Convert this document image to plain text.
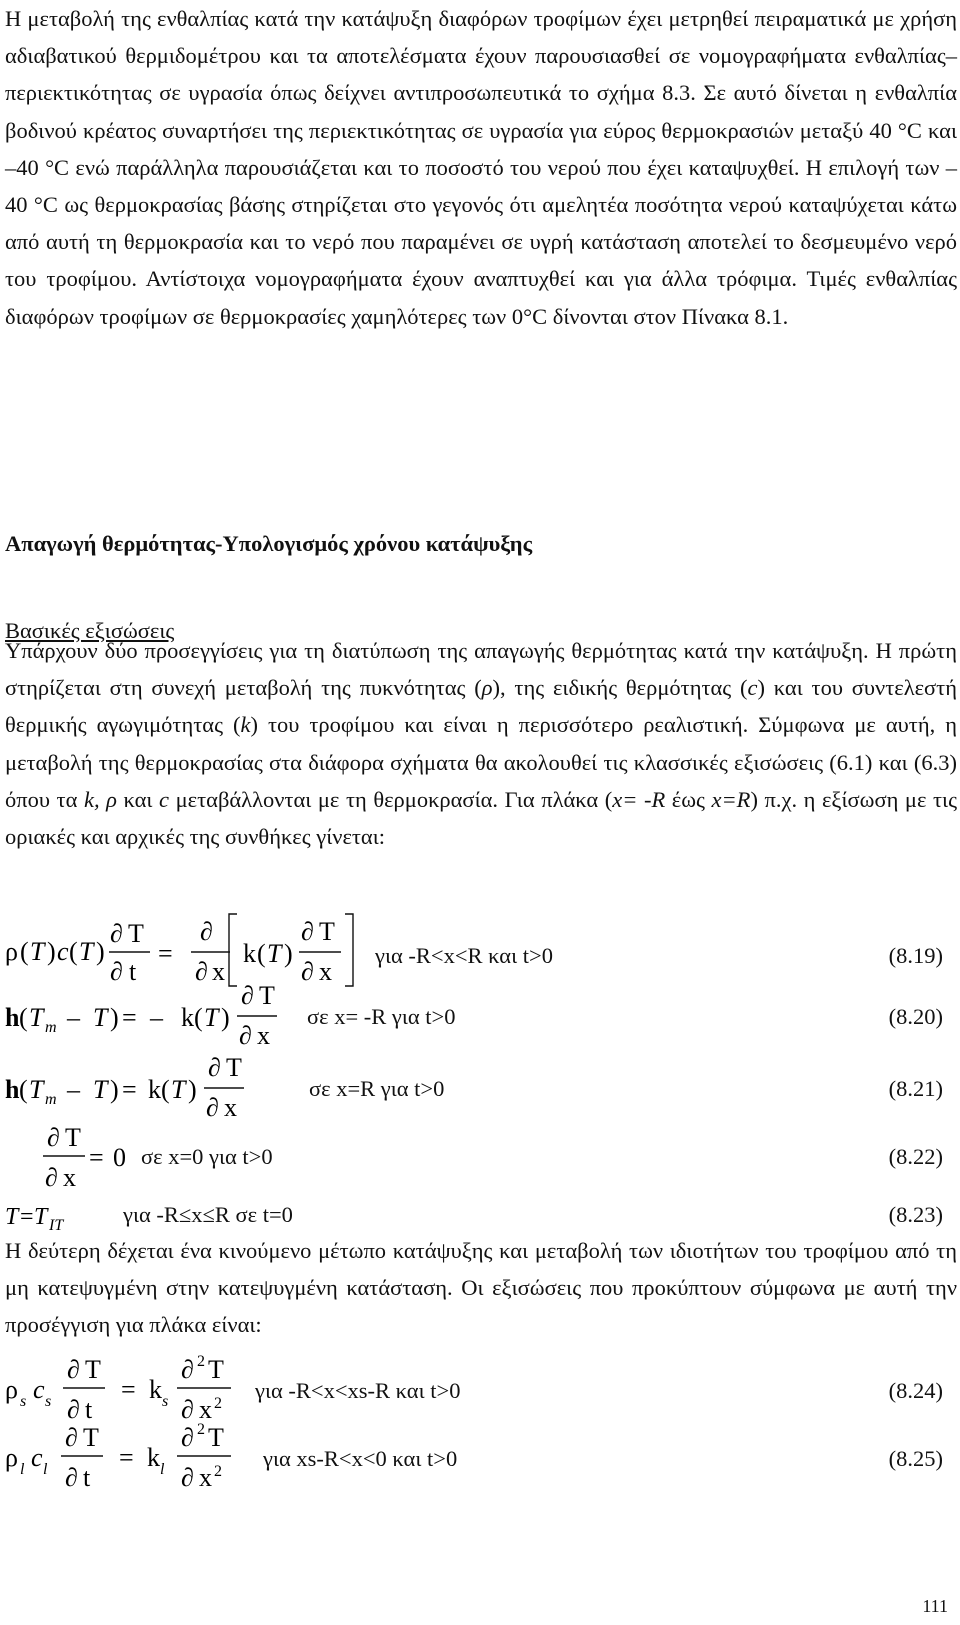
Η μεταβολή της ενθαλπίας κατά την κατάψυξη διαφόρων τροφίμων έχει μετρηθεί πειραματικά με χρήση αδιαβατικού θερμιδομέτρου και τα αποτελέσματα έχουν παρουσιασθεί σε νομογραφήματα ενθαλπίας–περιεκτικότητας σε υγρασία όπως δείχνει αντιπροσωπευτικά το σχήμα 8.3. Σε αυτό δίνεται η ενθαλπία βοδινού κρέατος συναρτήσει της περιεκτικότητας σε υγρασία για εύρος θερμοκρασιών μεταξύ 40 °C και –40 °C ενώ παράλληλα παρουσιάζεται και το ποσοστό του νερού που έχει καταψυχθεί. Η επιλογή των –40 °C ως θερμοκρασίας βάσης στηρίζεται στο γεγονός ότι αμελητέα ποσότητα νερού καταψύχεται κάτω από αυτή τη θερμοκρασία και το νερό που παραμένει σε υγρή κατάσταση αποτελεί το δεσμευμένο νερό του τροφίμου. Αντίστοιχα νομογραφήματα έχουν αναπτυχθεί και για άλλα τρόφιμα. Τιμές ενθαλπίας διαφόρων τροφίμων σε θερμοκρασίες χαμηλότερες των 0°C δίνονται στον Πίνακα 8.1.

Απαγωγή θερμότητας-Υπολογισμός χρόνου κατάψυξης

Βασικές εξισώσεις

Υπάρχουν δύο προσεγγίσεις για τη διατύπωση της απαγωγής θερμότητας κατά την κατάψυξη. Η πρώτη στηρίζεται στη συνεχή μεταβολή της πυκνότητας (ρ), της ειδικής θερμότητας (c) και του συντελεστή θερμικής αγωγιμότητας (k) του τροφίμου και είναι η περισσότερο ρεαλιστική. Σύμφωνα με αυτή, η μεταβολή της θερμοκρασίας στα διάφορα σχήματα θα ακολουθεί τις κλασσικές εξισώσεις (6.1) και (6.3) όπου τα k, ρ και c μεταβάλλονται με τη θερμοκρασία. Για πλάκα (x= -R έως x=R) π.χ. η εξίσωση με τις οριακές και αρχικές της συνθήκες γίνεται:

ρ ( T ) c ( T )
∂ T
∂ t
=
∂
∂ x
k ( T )
∂ T
∂ x
για -R<x<R και t>0	(8.19)
h ( T m – T ) = – k ( T )
∂ T
∂ x
σε x= -R για t>0	(8.20)
h ( T m – T ) = k ( T )
∂ T
∂ x
σε x=R για t>0	(8.21)
∂ T
∂ x
= 0 σε x=0 για t>0	(8.22)
T = T IT	για -R≤x≤R σε t=0	(8.23)

Η δεύτερη δέχεται ένα κινούμενο μέτωπο κατάψυξης και μεταβολή των ιδιοτήτων του τροφίμου από τη μη κατεψυγμένη στην κατεψυγμένη κατάσταση. Οι εξισώσεις που προκύπτουν σύμφωνα με αυτή την προσέγγιση για πλάκα είναι:

ρ s c s
∂ T
∂ t
= k s
∂ 2 T
∂ x 2
για -R<x<xs-R και t>0	(8.24)
ρ l c l
∂ T
∂ t
= k l
∂ 2 T
∂ x 2
για xs-R<x<0 και t>0	(8.25)
111
